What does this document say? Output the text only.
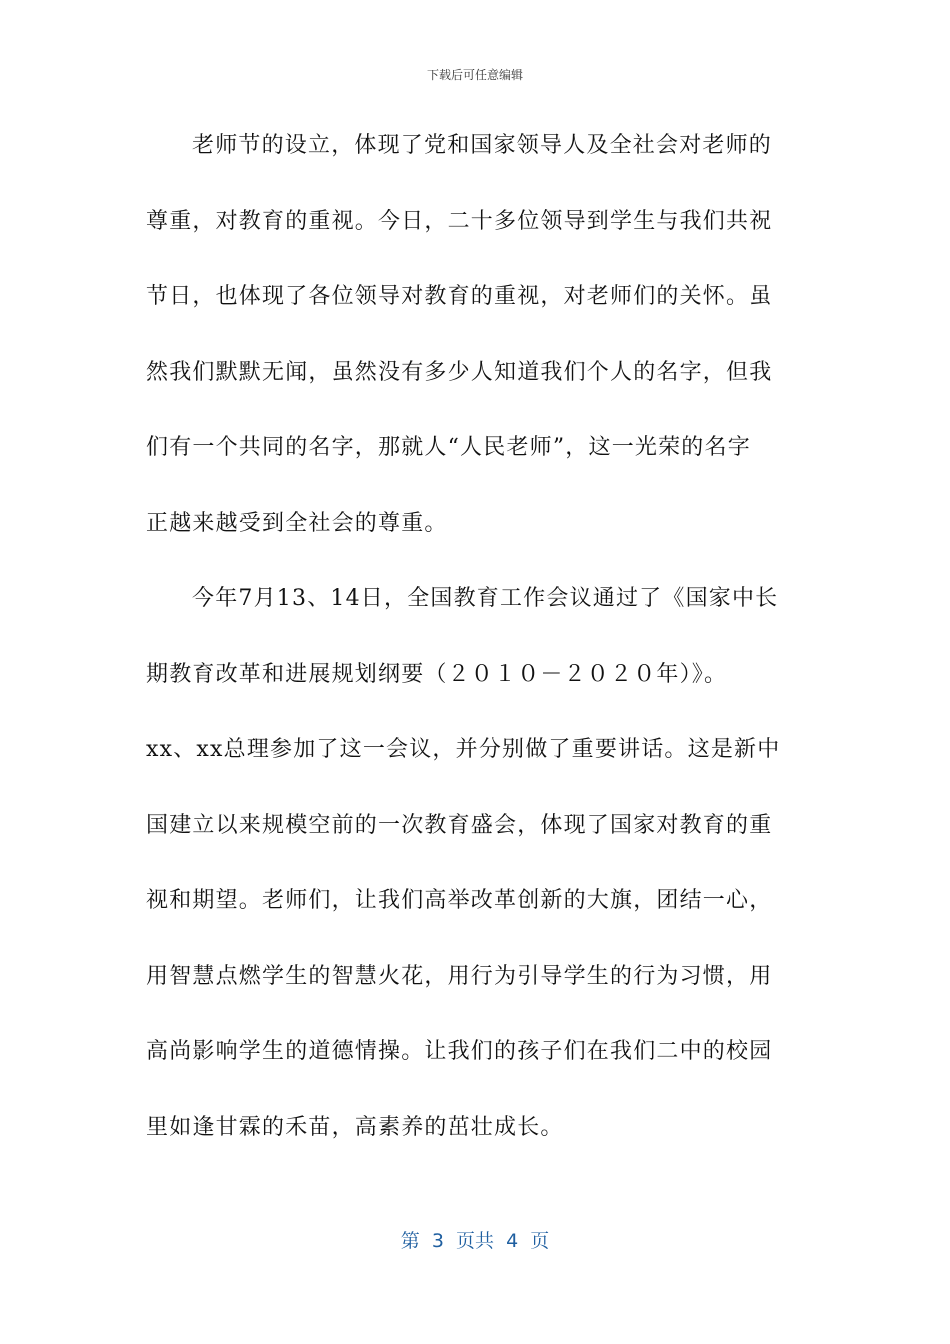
下载后可任意编辑
老师节的设立，体现了党和国家领导人及全社会对老师的
尊重，对教育的重视。今日，二十多位领导到学生与我们共祝
节日，也体现了各位领导对教育的重视，对老师们的关怀。虽
然我们默默无闻，虽然没有多少人知道我们个人的名字，但我
们有一个共同的名字，那就人“人民老师”，这一光荣的名字
正越来越受到全社会的尊重。
今年7月13、14日，全国教育工作会议通过了《国家中长
期教育改革和进展规划纲要（２０１０－２０２０年）》。
xx、xx总理参加了这一会议，并分别做了重要讲话。这是新中
国建立以来规模空前的一次教育盛会，体现了国家对教育的重
视和期望。老师们，让我们高举改革创新的大旗，团结一心，
用智慧点燃学生的智慧火花，用行为引导学生的行为习惯，用
高尚影响学生的道德情操。让我们的孩子们在我们二中的校园
里如逢甘霖的禾苗，高素养的茁壮成长。
第  3  页共  4  页
